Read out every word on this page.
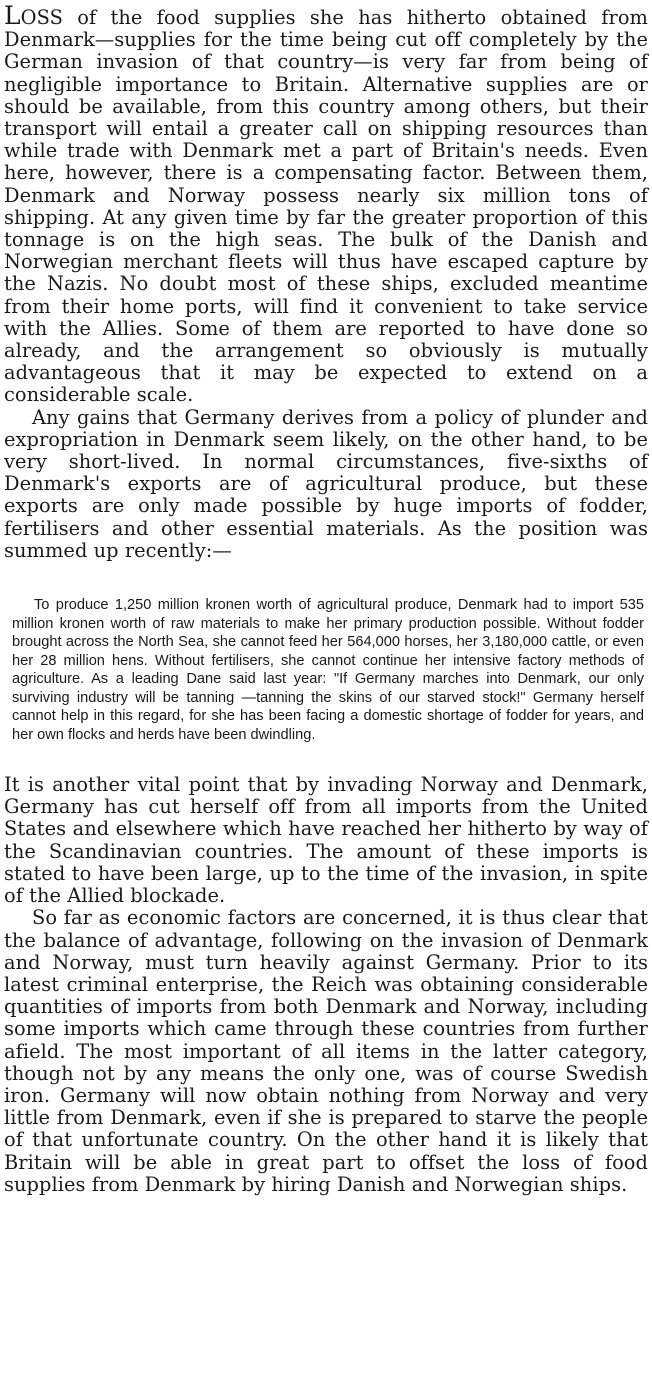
LOSS of the food supplies she has hitherto obtained from Denmark—supplies for the time being cut off completely by the German invasion of that country—is very far from being of negligible importance to Britain. Alternative supplies are or should be available, from this country among others, but their transport will entail a greater call on shipping resources than while trade with Denmark met a part of Britain's needs. Even here, however, there is a compensating factor. Between them, Denmark and Norway possess nearly six million tons of shipping. At any given time by far the greater proportion of this tonnage is on the high seas. The bulk of the Danish and Norwegian merchant fleets will thus have escaped capture by the Nazis. No doubt most of these ships, excluded meantime from their home ports, will find it convenient to take service with the Allies. Some of them are reported to have done so already, and the arrangement so obviously is mutually advantageous that it may be expected to extend on a considerable scale.

Any gains that Germany derives from a policy of plunder and expropriation in Denmark seem likely, on the other hand, to be very short-lived. In normal circumstances, five-sixths of Denmark's exports are of agricultural produce, but these exports are only made possible by huge imports of fodder, fertilisers and other essential materials. As the position was summed up recently:—

To produce 1,250 million kronen worth of agricultural produce, Denmark had to import 535 million kronen worth of raw materials to make her primary production possible. Without fodder brought across the North Sea, she cannot feed her 564,000 horses, her 3,180,000 cattle, or even her 28 million hens. Without fertilisers, she cannot continue her intensive factory methods of agriculture. As a leading Dane said last year: "If Germany marches into Denmark, our only surviving industry will be tanning —tanning the skins of our starved stock!" Germany herself cannot help in this regard, for she has been facing a domestic shortage of fodder for years, and her own flocks and herds have been dwindling.

It is another vital point that by invading Norway and Denmark, Germany has cut herself off from all imports from the United States and elsewhere which have reached her hitherto by way of the Scandinavian countries. The amount of these imports is stated to have been large, up to the time of the invasion, in spite of the Allied blockade.

So far as economic factors are concerned, it is thus clear that the balance of advantage, following on the invasion of Denmark and Norway, must turn heavily against Germany. Prior to its latest criminal enterprise, the Reich was obtaining considerable quantities of imports from both Denmark and Norway, including some imports which came through these countries from further afield. The most important of all items in the latter category, though not by any means the only one, was of course Swedish iron. Germany will now obtain nothing from Norway and very little from Denmark, even if she is prepared to starve the people of that unfortunate country. On the other hand it is likely that Britain will be able in great part to offset the loss of food supplies from Denmark by hiring Danish and Norwegian ships.
